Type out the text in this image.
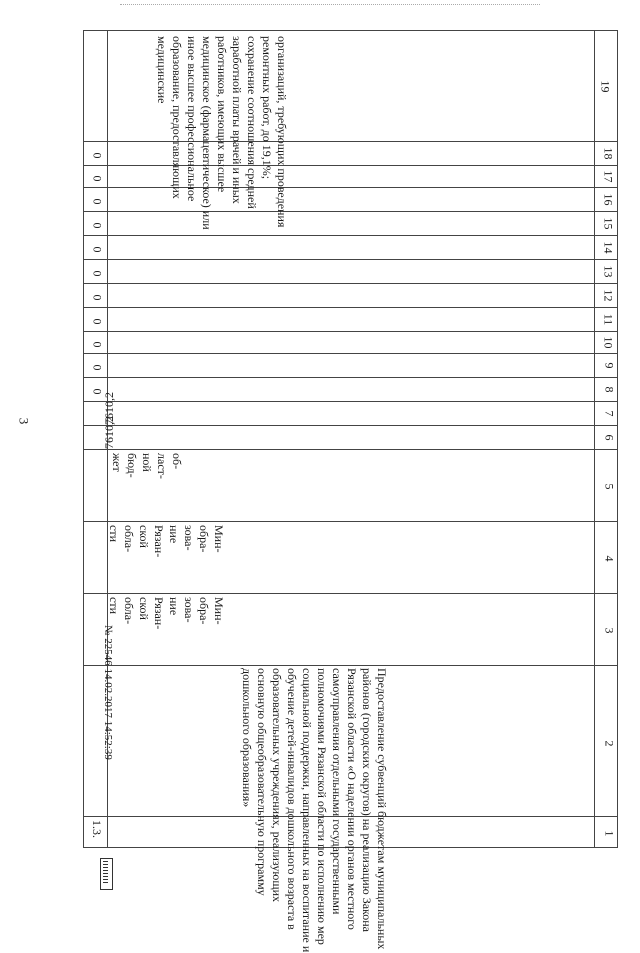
3
19
18
17
16
15
14
13
12
11
10
9
8
7
6
5
4
3
2
1
0
0
0
0
0
0
0
0
0
0
0
7610,2
7610,2
об-
ласт-
ной
бюд-
жет
Мин-
обра-
зова-
ние
Рязан-
ской
обла-
сти
Мин-
обра-
зова-
ние
Рязан-
ской
обла-
сти
Предоставление субвенций бюджетам муниципальных районов (городских округов) на реализацию Закона Рязанской области «О наделении органов местного самоуправления отдельными государственными полномочиями Рязанской области по исполнению мер социальной поддержки, направленных на воспитание и обучение детей-инвалидов дошкольного возраста в образовательных учреждениях, реализующих основную общеобразовательную программу дошкольного образования»
1.3.
организаций, требующих проведения ремонтных работ, до 19,1%; сохранение соотношения средней заработной платы врачей и иных работников, имеющих высшее медицинское (фармацевтическое) или иное высшее профессиональное образование, предоставляющих медицинские
№ 22546 14.02.2017 14:52:39
